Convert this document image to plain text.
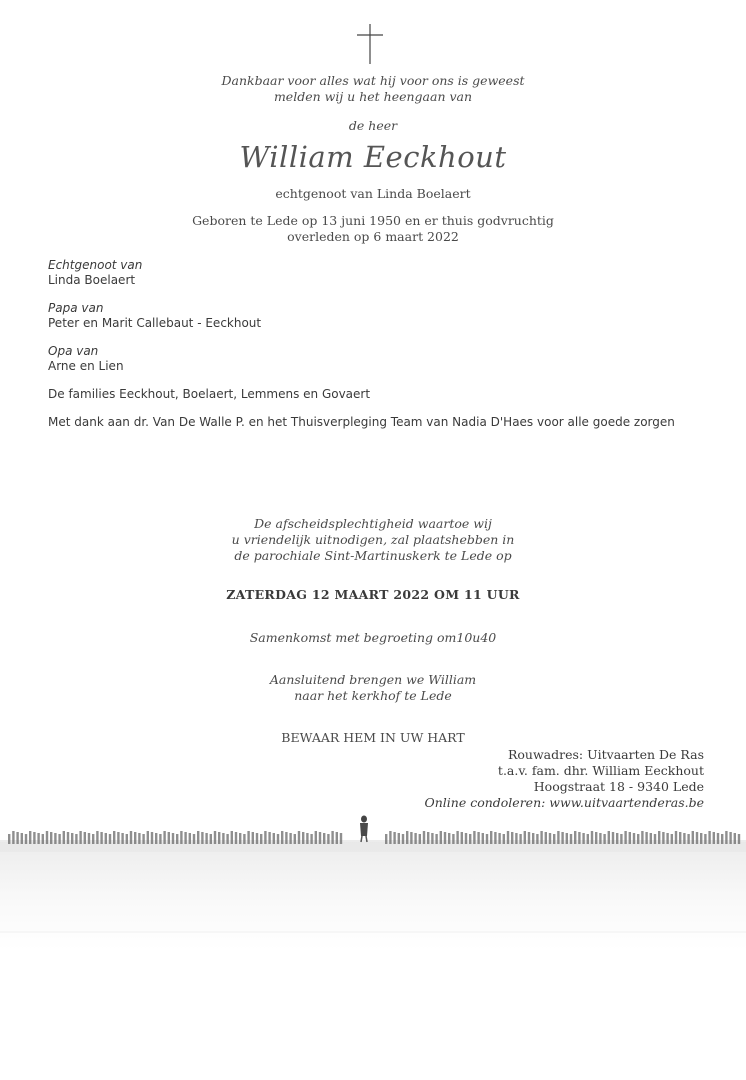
Dankbaar voor alles wat hij voor ons is geweest
melden wij u het heengaan van
de heer
William Eeckhout
echtgenoot van Linda Boelaert
Geboren te Lede op 13 juni 1950 en er thuis godvruchtig
overleden op 6 maart 2022
Echtgenoot van
Linda Boelaert
Papa van
Peter en Marit Callebaut - Eeckhout
Opa van
Arne en Lien
De families Eeckhout, Boelaert, Lemmens en Govaert
Met dank aan dr. Van De Walle P. en het Thuisverpleging Team van Nadia D'Haes voor alle goede zorgen
De afscheidsplechtigheid waartoe wij
u vriendelijk uitnodigen, zal plaatshebben in
de parochiale Sint-Martinuskerk te Lede op
ZATERDAG 12 MAART 2022 OM 11 UUR
Samenkomst met begroeting om10u40
Aansluitend brengen we William
naar het kerkhof te Lede
BEWAAR HEM IN UW HART
Rouwadres: Uitvaarten De Ras
t.a.v. fam. dhr. William Eeckhout
Hoogstraat 18 - 9340 Lede
Online condoleren: www.uitvaartenderas.be
